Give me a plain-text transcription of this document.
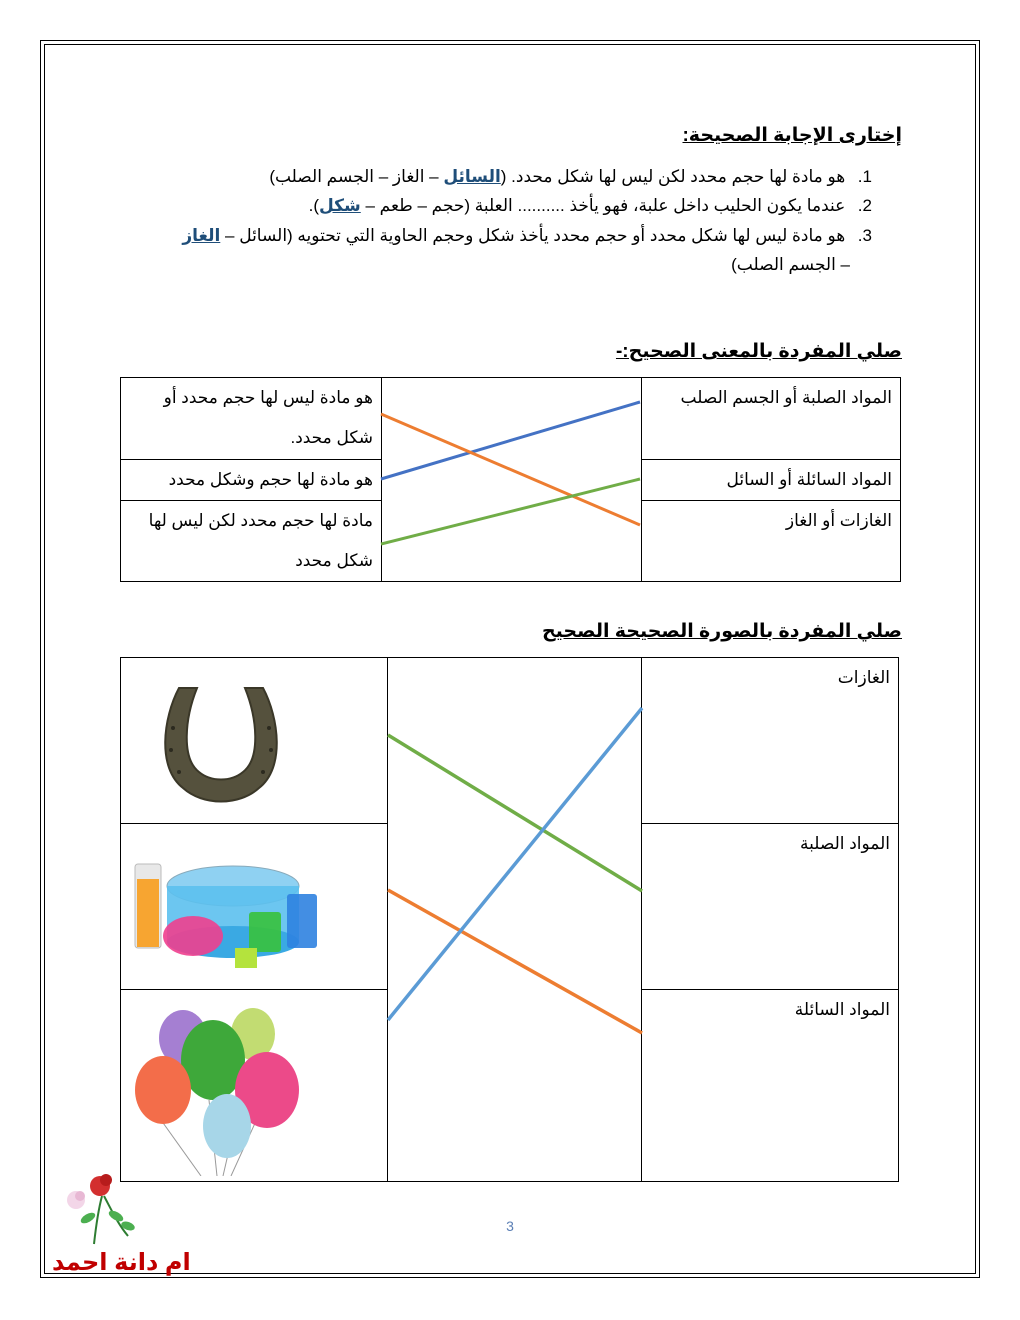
إختارى الإجابة الصحيحة:
1. هو مادة لها حجم محدد لكن ليس لها شكل محدد. (السائل – الغاز – الجسم الصلب)
2. عندما يكون الحليب داخل علبة، فهو يأخذ .......... العلبة (حجم – طعم – شكل).
3. هو مادة ليس لها شكل محدد أو حجم محدد يأخذ شكل وحجم الحاوية التي تحتويه (السائل – الغاز
– الجسم الصلب)
صلي المفردة بالمعنى الصحيح:-
هو مادة ليس لها حجم محدد أو شكل محدد.		المواد الصلبة أو الجسم الصلب

هو مادة لها حجم وشكل محدد		المواد السائلة أو السائل

مادة لها حجم محدد لكن ليس لها شكل محدد		الغازات أو الغاز
صلي المفردة بالصورة الصحيحة الصحيح

الغازات

المواد الصلبة

المواد السائلة
ام دانة احمد
3
